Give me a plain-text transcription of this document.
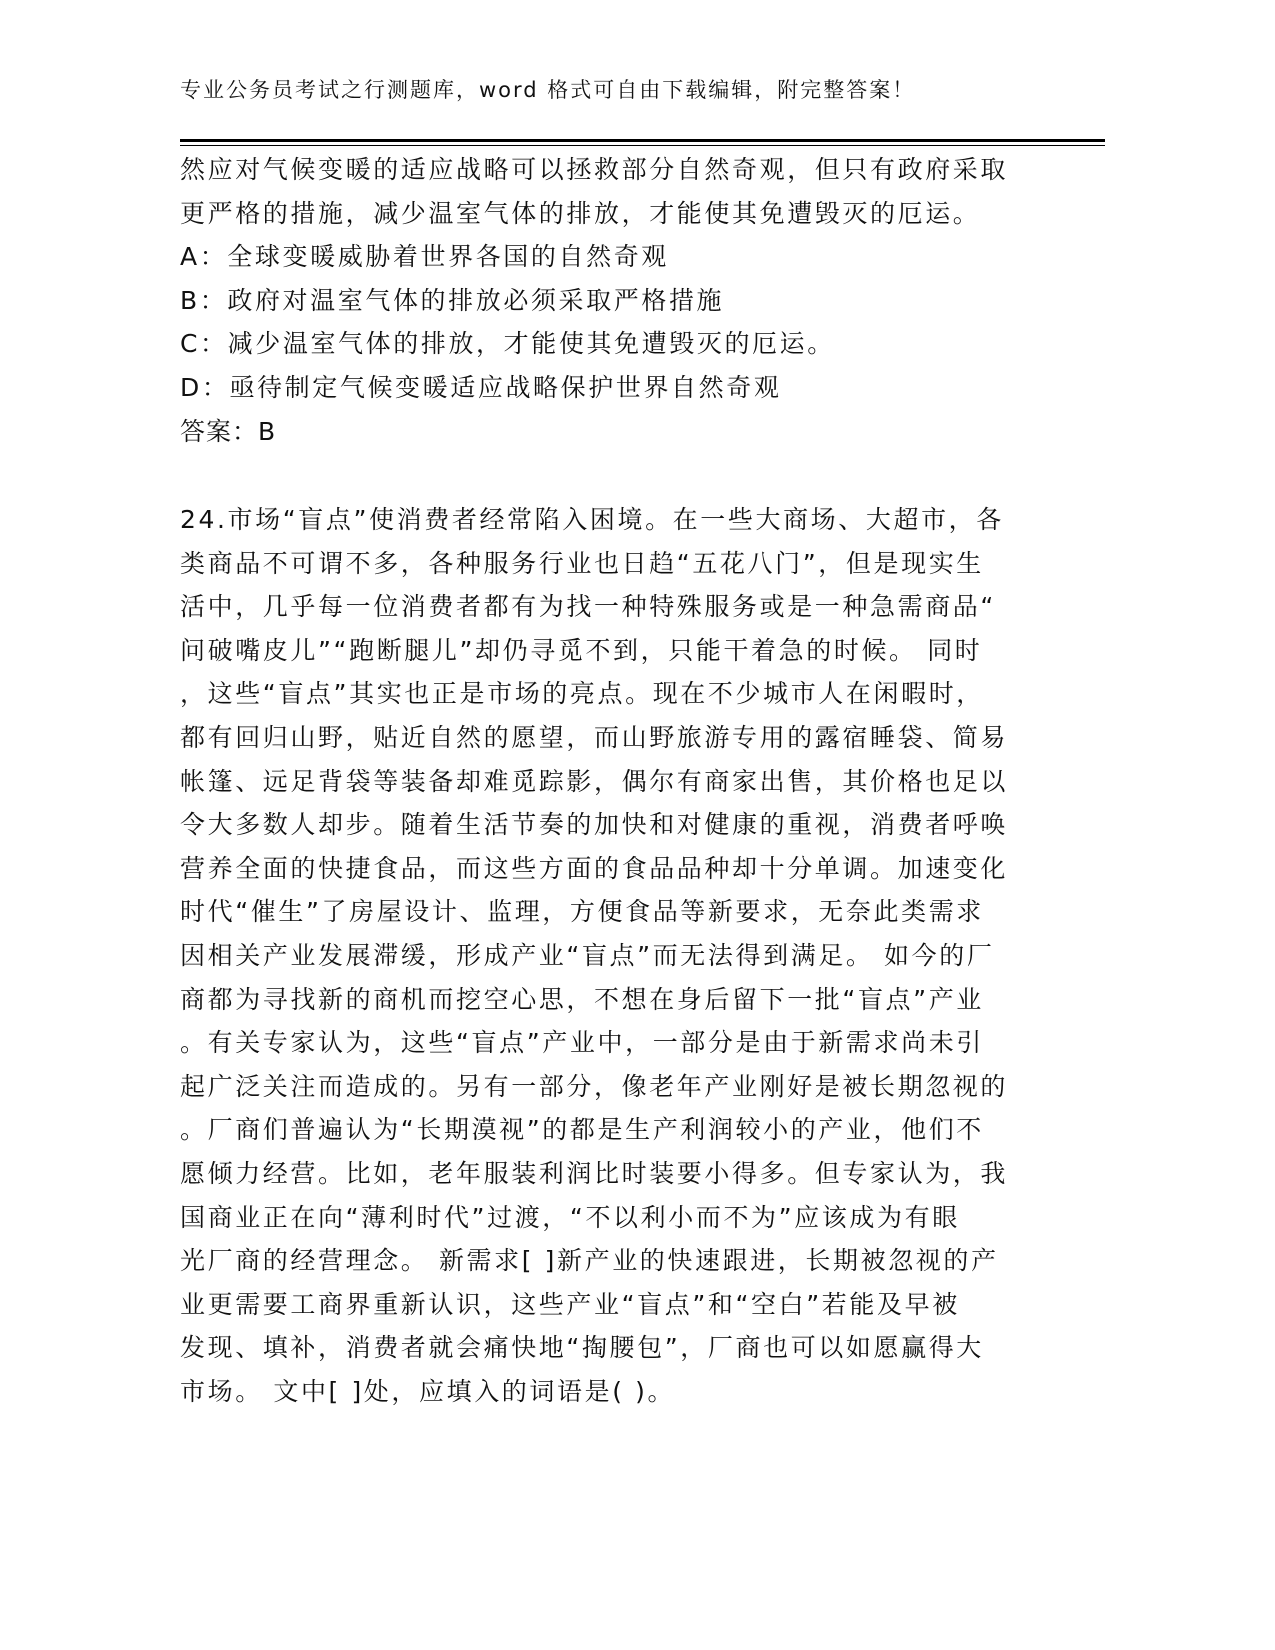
专业公务员考试之行测题库，word 格式可自由下载编辑，附完整答案！
然应对气候变暖的适应战略可以拯救部分自然奇观，但只有政府采取
更严格的措施，减少温室气体的排放，才能使其免遭毁灭的厄运。
A：全球变暖威胁着世界各国的自然奇观
B：政府对温室气体的排放必须采取严格措施
C：减少温室气体的排放，才能使其免遭毁灭的厄运。
D：亟待制定气候变暖适应战略保护世界自然奇观
答案：B
24.市场“盲点”使消费者经常陷入困境。在一些大商场、大超市，各
类商品不可谓不多，各种服务行业也日趋“五花八门”，但是现实生
活中，几乎每一位消费者都有为找一种特殊服务或是一种急需商品“
问破嘴皮儿”“跑断腿儿”却仍寻觅不到，只能干着急的时候。 同时
，这些“盲点”其实也正是市场的亮点。现在不少城市人在闲暇时，
都有回归山野，贴近自然的愿望，而山野旅游专用的露宿睡袋、简易
帐篷、远足背袋等装备却难觅踪影，偶尔有商家出售，其价格也足以
令大多数人却步。随着生活节奏的加快和对健康的重视，消费者呼唤
营养全面的快捷食品，而这些方面的食品品种却十分单调。加速变化
时代“催生”了房屋设计、监理，方便食品等新要求，无奈此类需求
因相关产业发展滞缓，形成产业“盲点”而无法得到满足。 如今的厂
商都为寻找新的商机而挖空心思，不想在身后留下一批“盲点”产业
。有关专家认为，这些“盲点”产业中，一部分是由于新需求尚未引
起广泛关注而造成的。另有一部分，像老年产业刚好是被长期忽视的
。厂商们普遍认为“长期漠视”的都是生产利润较小的产业，他们不
愿倾力经营。比如，老年服装利润比时装要小得多。但专家认为，我
国商业正在向“薄利时代”过渡，“不以利小而不为”应该成为有眼
光厂商的经营理念。 新需求[ ]新产业的快速跟进，长期被忽视的产
业更需要工商界重新认识，这些产业“盲点”和“空白”若能及早被
发现、填补，消费者就会痛快地“掏腰包”，厂商也可以如愿赢得大
市场。 文中[ ]处，应填入的词语是( )。
